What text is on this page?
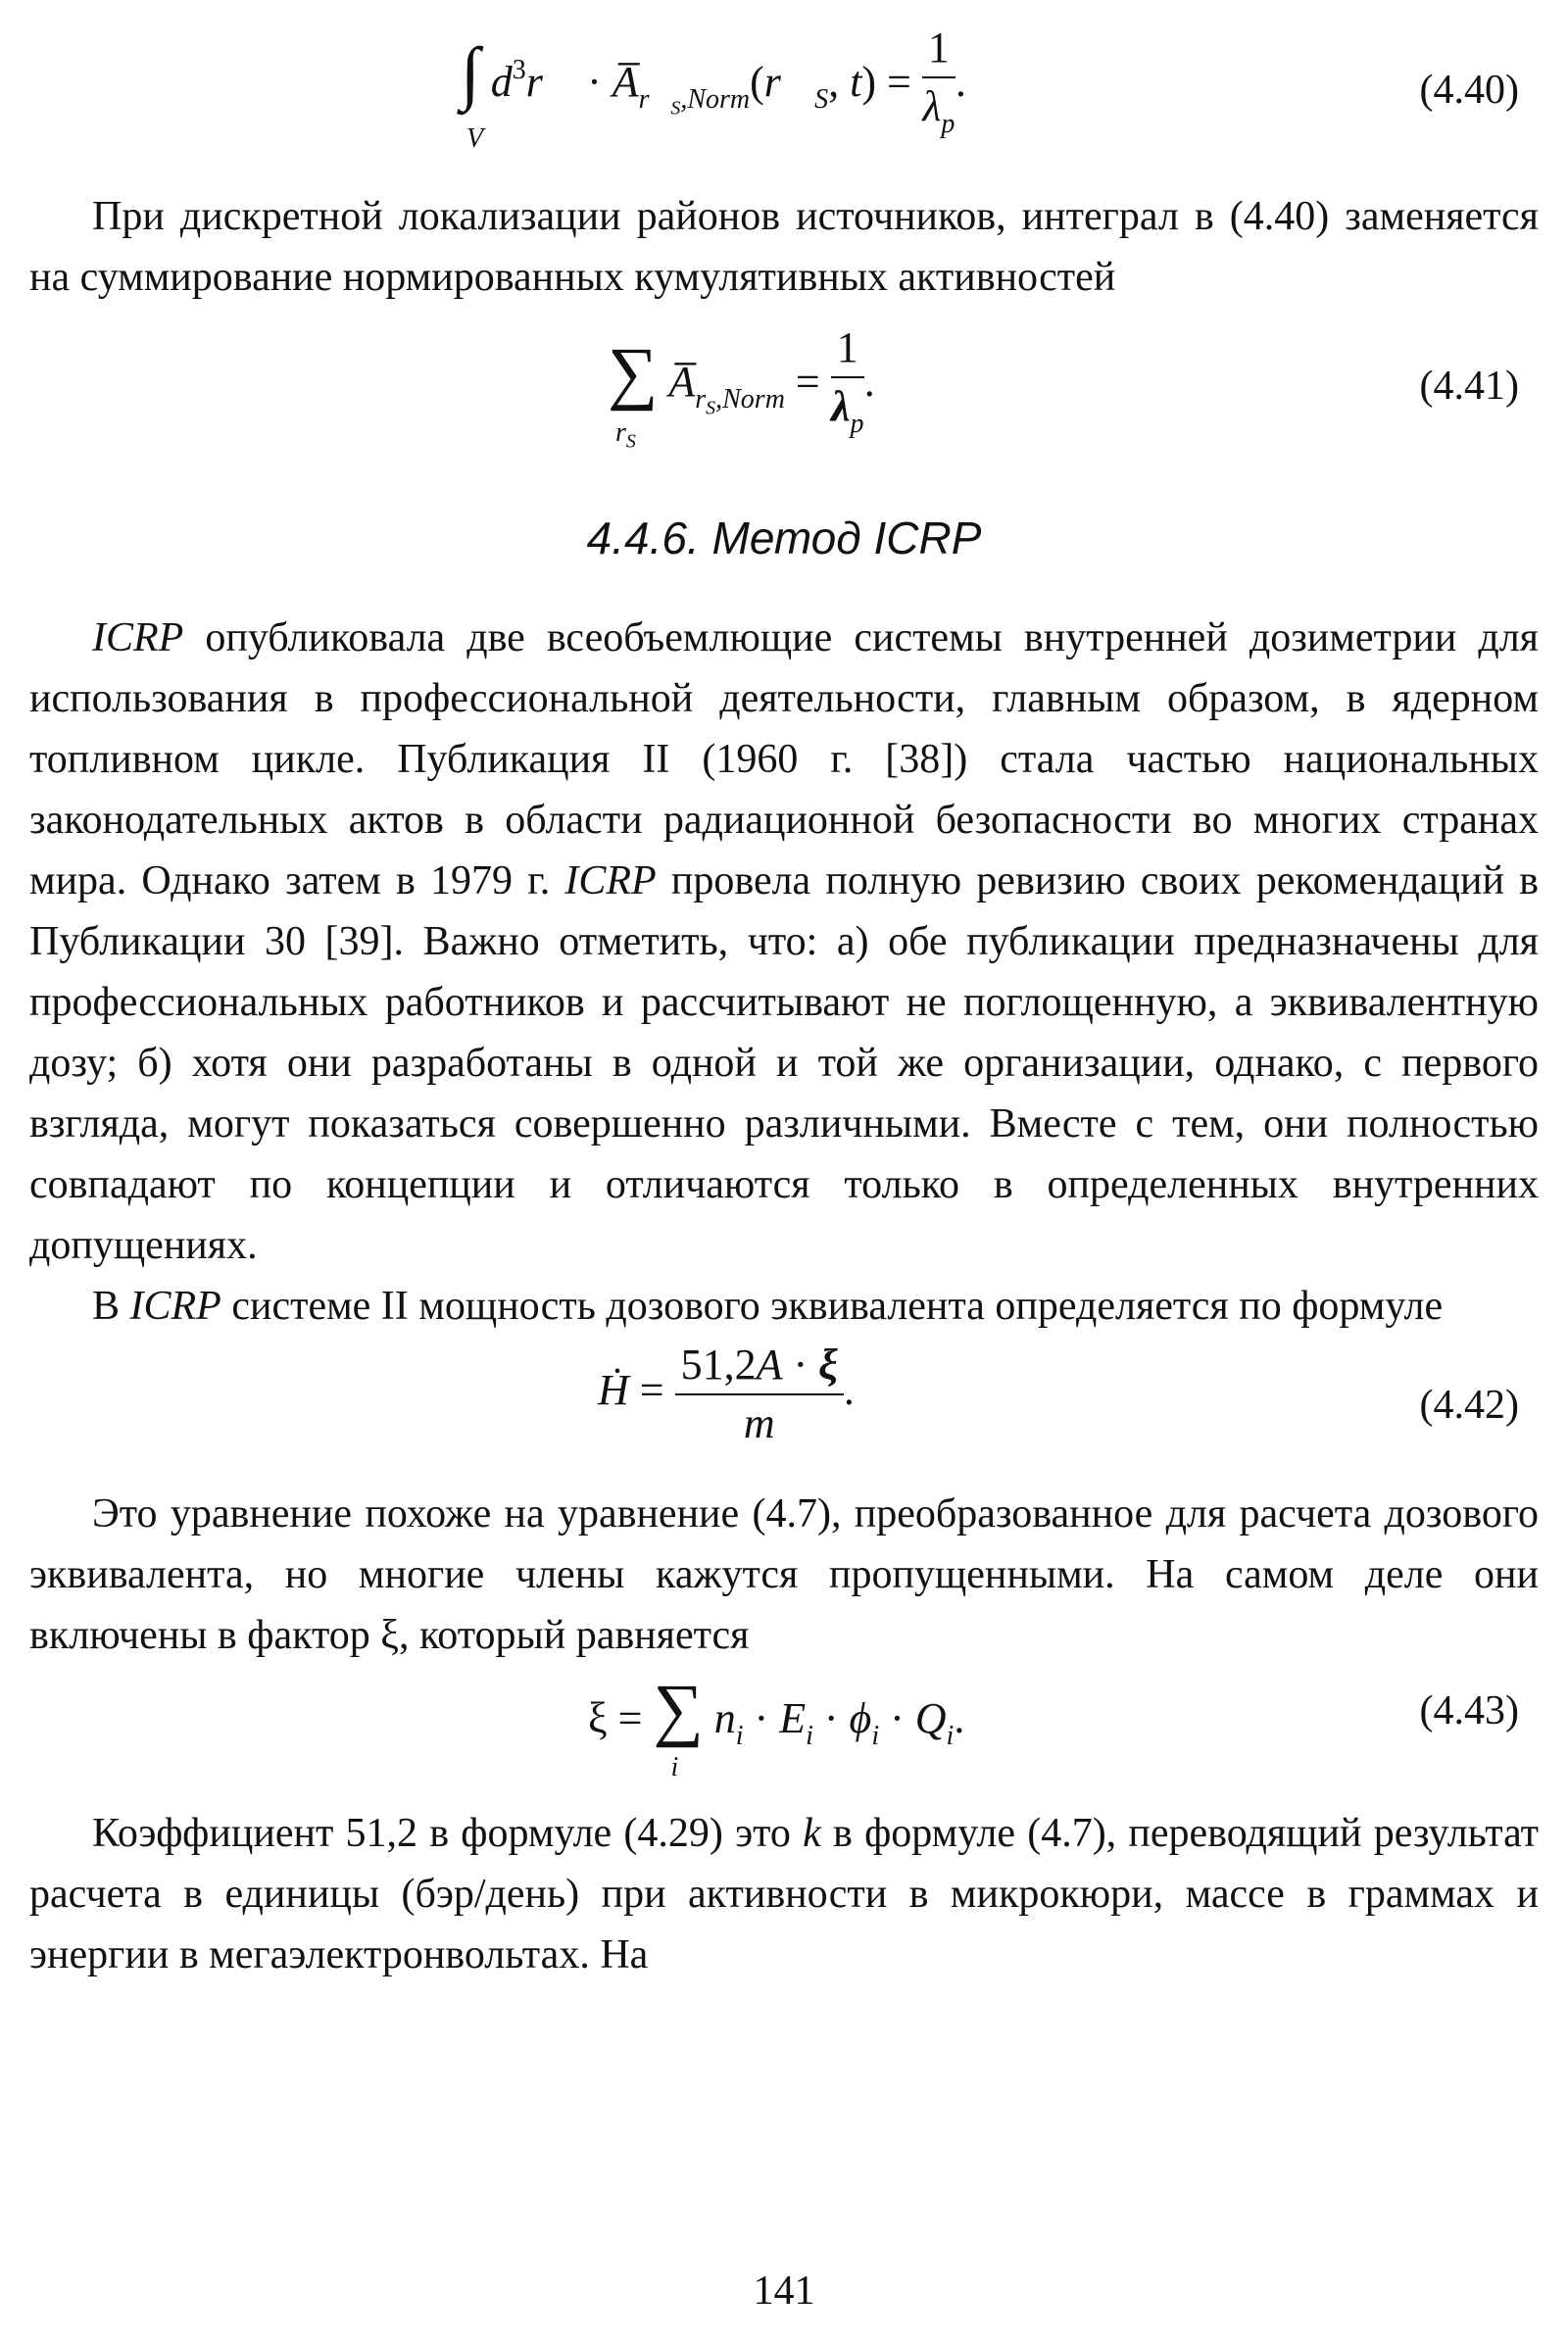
∫
V
$d^3r⃗$ · $A̅_{r⃗_S,Norm}(r⃗_S$, $t) = \frac{1}{\lambda_p}$ .	(4.40)

При дискретной локализации районов источников, интеграл в (4.40) заменяется на суммирование нормированных кумулятивных активностей

∑
$r_S$
$A̅_{r_S,Norm} = \frac{1}{\lambda_p}$ .	(4.41)
4.4.6. Метод ICRP

ICRP опубликовала две всеобъемлющие системы внутренней дозиметрии для использования в профессиональной деятельности, главным образом, в ядерном топливном цикле. Публикация II (1960 г. [38]) стала частью национальных законодательных актов в области радиационной безопасности во многих странах мира. Однако затем в 1979 г. ICRP провела полную ревизию своих рекомендаций в Публикации 30 [39]. Важно отметить, что: а) обе публикации предназначены для профессиональных работников и рассчитывают не поглощенную, а эквивалентную дозу; б) хотя они разработаны в одной и той же организации, однако, с первого взгляда, могут показаться совершенно различными. Вместе с тем, они полностью совпадают по концепции и отличаются только в определенных внутренних допущениях.

В ICRP системе II мощность дозового эквивалента определяется по формуле

Ḣ = $\frac{51,2A \cdot \xi}{m}$ .	(4.42)

Это уравнение похоже на уравнение (4.7), преобразованное для расчета дозового эквивалента, но многие члены кажутся пропущенными. На самом деле они включены в фактор ξ, который равняется

ξ = ∑
i
$n_i \cdot E_i \cdot \phi_i \cdot Q_i$.	(4.43)

Коэффициент 51,2 в формуле (4.29) это k в формуле (4.7), переводящий результат расчета в единицы (бэр/день) при активности в микрокюри, массе в граммах и энергии в мегаэлектронвольтах. На

141
